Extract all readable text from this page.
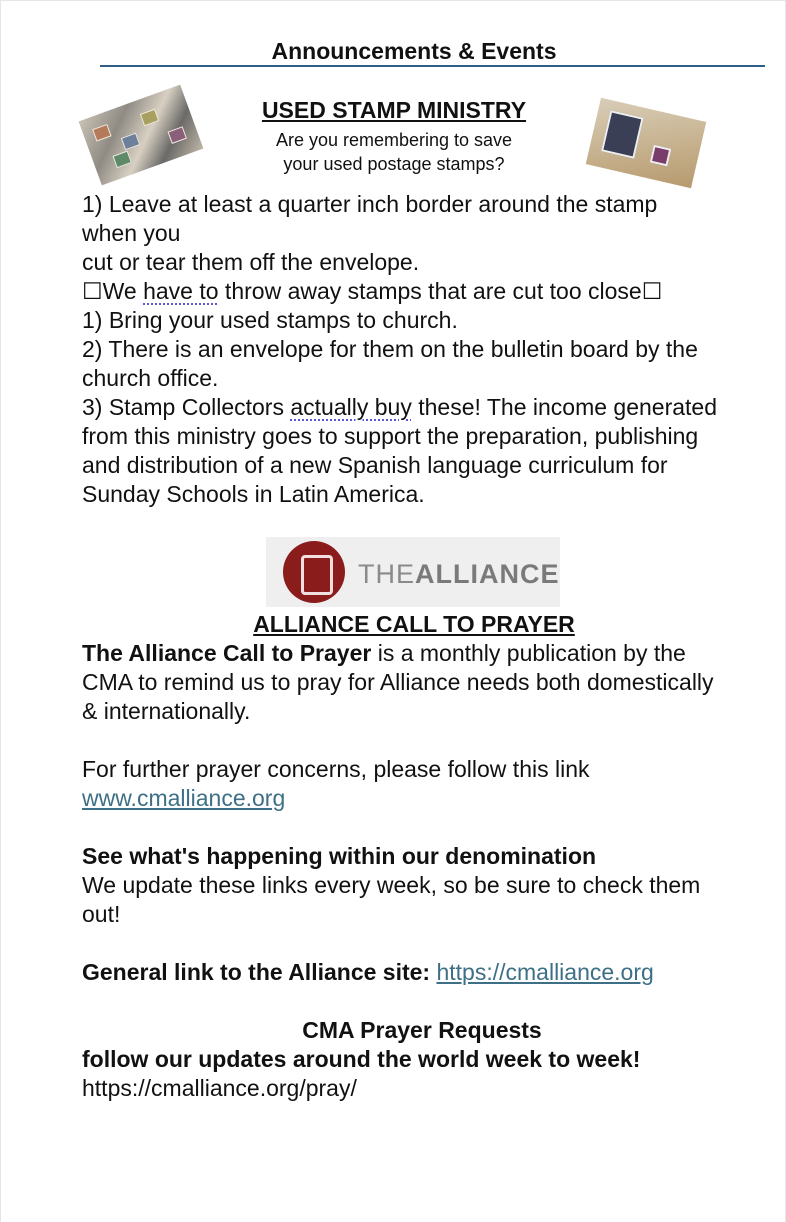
Announcements & Events
USED STAMP MINISTRY
Are you remembering to save
your used postage stamps?
1) Leave at least a quarter inch border around the stamp
when you
cut or tear them off the envelope.
☐We have to throw away stamps that are cut too close☐
1) Bring your used stamps to church.
2) There is an envelope for them on the bulletin board by the
church office.
3) Stamp Collectors actually buy these! The income generated
from this ministry goes to support the preparation, publishing
and distribution of a new Spanish language curriculum for
Sunday Schools in Latin America.
THEALLIANCE
ALLIANCE CALL TO PRAYER
The Alliance Call to Prayer is a monthly publication by the
CMA to remind us to pray for Alliance needs both domestically
& internationally.
For further prayer concerns, please follow this link
www.cmalliance.org
See what's happening within our denomination
We update these links every week, so be sure to check them
out!
General link to the Alliance site: https://cmalliance.org
CMA Prayer Requests
follow our updates around the world week to week!
https://cmalliance.org/pray/
